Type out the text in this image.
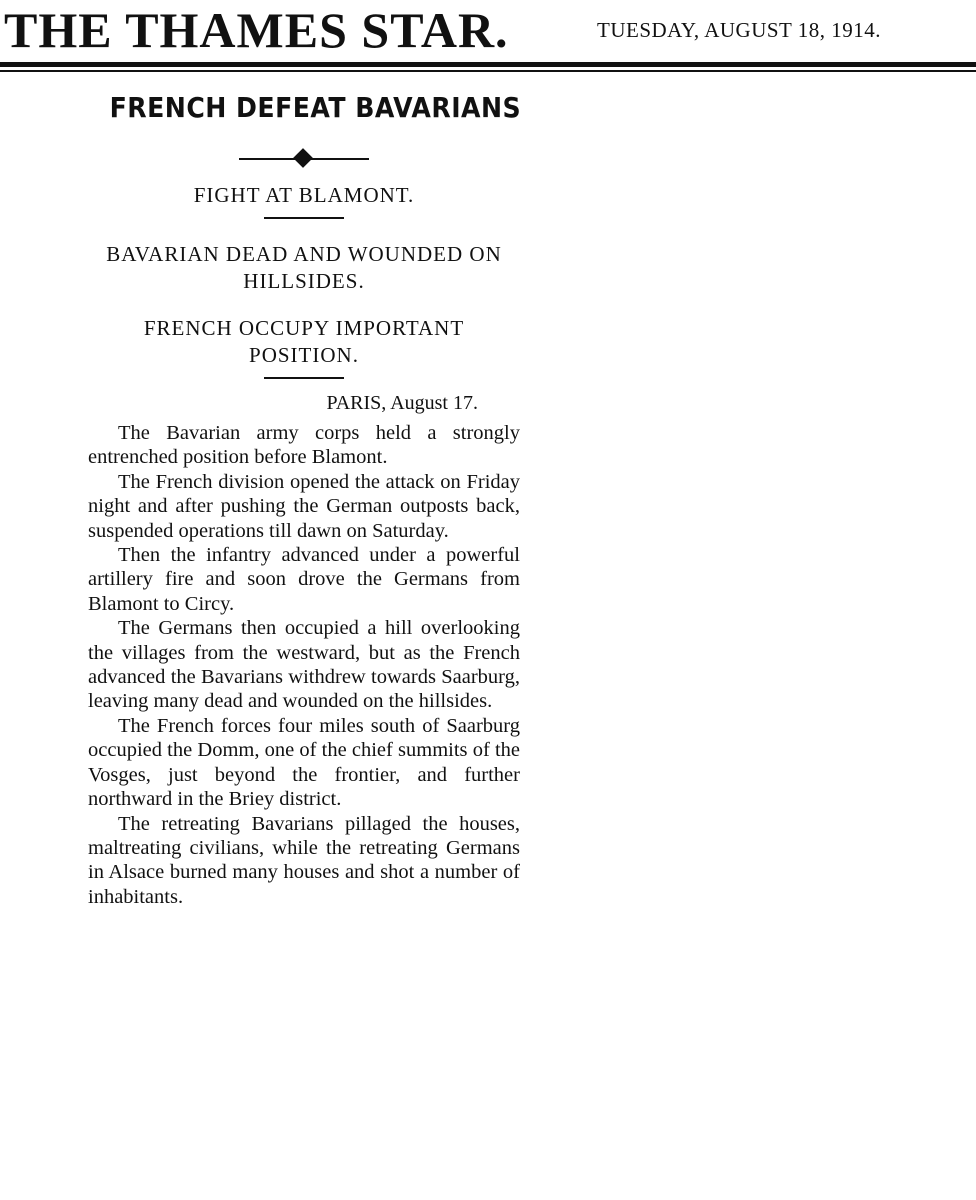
THE THAMES STAR.	TUESDAY, AUGUST 18, 1914.
FRENCH DEFEAT BAVARIANS
FIGHT AT BLAMONT.
BAVARIAN DEAD AND WOUNDED ON HILLSIDES.
FRENCH OCCUPY IMPORTANT POSITION.
PARIS, August 17.

The Bavarian army corps held a strongly entrenched position before Blamont.

The French division opened the attack on Friday night and after pushing the German outposts back, suspended operations till dawn on Saturday.

Then the infantry advanced under a powerful artillery fire and soon drove the Germans from Blamont to Circy.

The Germans then occupied a hill overlooking the villages from the westward, but as the French advanced the Bavarians withdrew towards Saarburg, leaving many dead and wounded on the hillsides.

The French forces four miles south of Saarburg occupied the Domm, one of the chief summits of the Vosges, just beyond the frontier, and further northward in the Briey district.

The retreating Bavarians pillaged the houses, maltreating civilians, while the retreating Germans in Alsace burned many houses and shot a number of inhabitants.
